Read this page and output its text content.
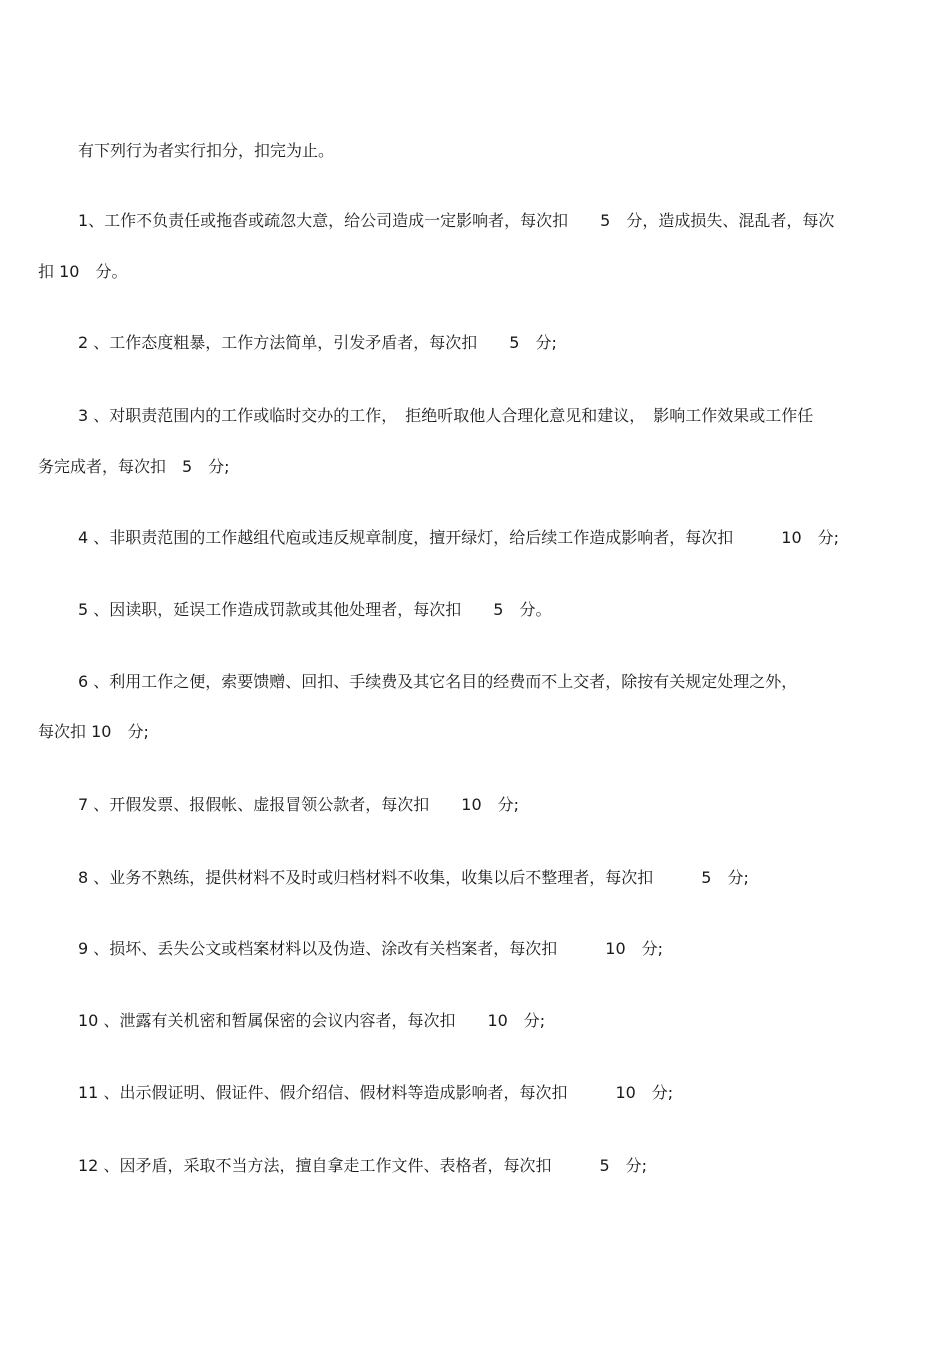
有下列行为者实行扣分，扣完为止。
1、工作不负责任或拖沓或疏忽大意，给公司造成一定影响者，每次扣　　5　分，造成损失、混乱者，每次
扣 10　分。
2 、工作态度粗暴，工作方法简单，引发矛盾者，每次扣　　5　分;
3 、对职责范围内的工作或临时交办的工作，　拒绝听取他人合理化意见和建议，　影响工作效果或工作任
务完成者，每次扣　5　分;
4 、非职责范围的工作越组代庖或违反规章制度，擅开绿灯，给后续工作造成影响者，每次扣　　　10　分;
5 、因读职，延误工作造成罚款或其他处理者，每次扣　　5　分。
6 、利用工作之便，索要馈赠、回扣、手续费及其它名目的经费而不上交者，除按有关规定处理之外，
每次扣 10　分;
7 、开假发票、报假帐、虚报冒领公款者，每次扣　　10　分;
8 、业务不熟练，提供材料不及时或归档材料不收集，收集以后不整理者，每次扣　　　5　分;
9 、损坏、丢失公文或档案材料以及伪造、涂改有关档案者，每次扣　　　10　分;
10 、泄露有关机密和暂属保密的会议内容者，每次扣　　10　分;
11 、出示假证明、假证件、假介绍信、假材料等造成影响者，每次扣　　　10　分;
12 、因矛盾，采取不当方法，擅自拿走工作文件、表格者，每次扣　　　5　分;
